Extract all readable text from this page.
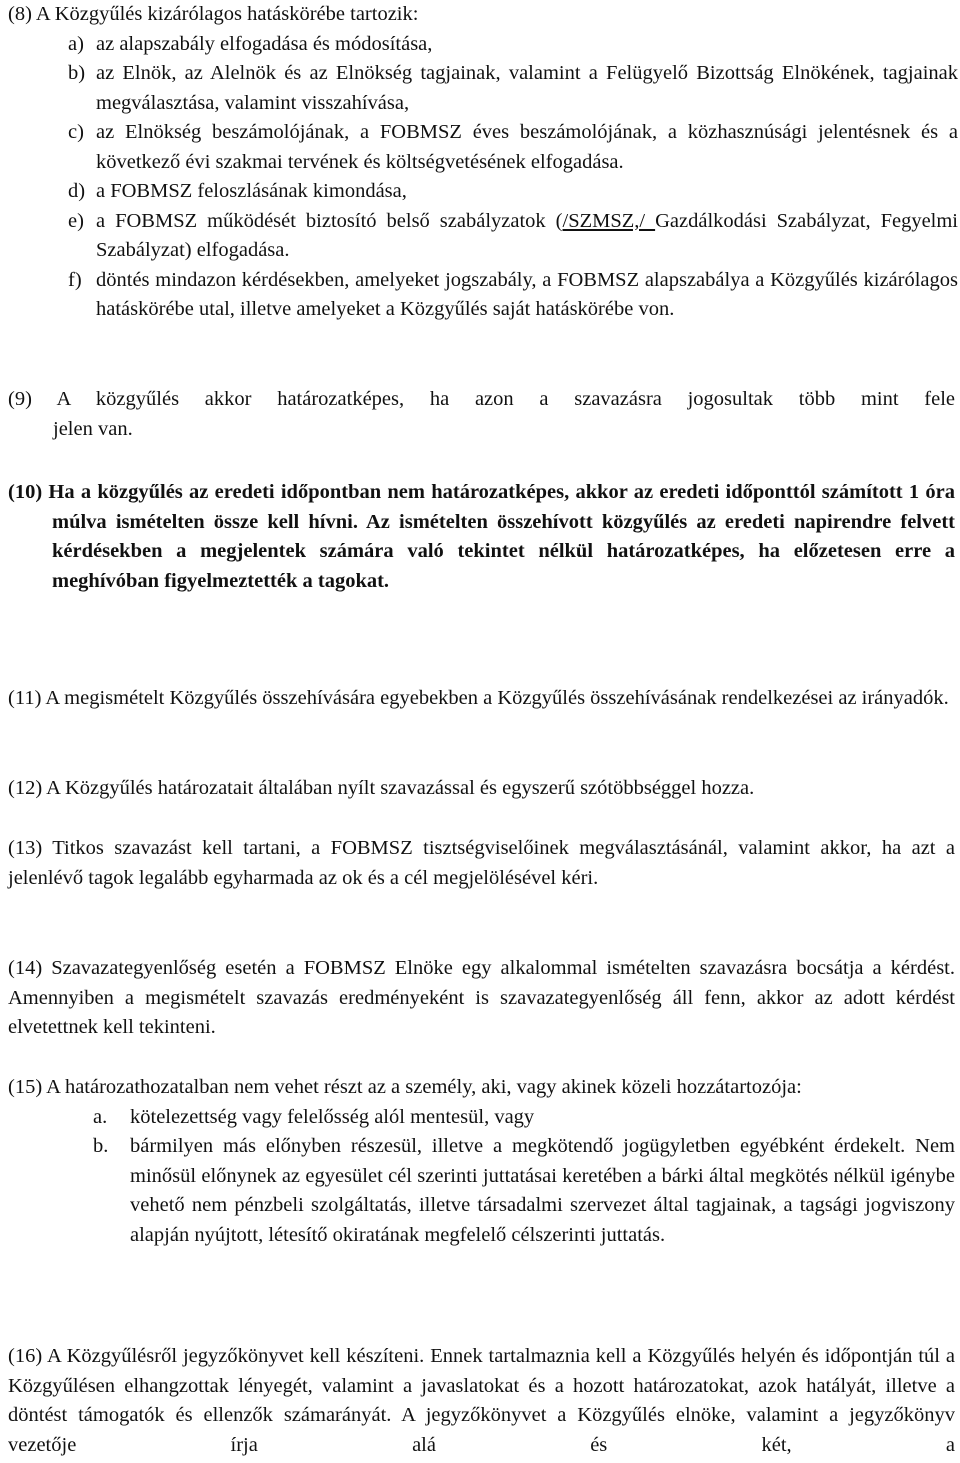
(8) A Közgyűlés kizárólagos hatáskörébe tartozik:
a) az alapszabály elfogadása és módosítása,
b) az Elnök, az Alelnök és az Elnökség tagjainak, valamint a Felügyelő Bizottság Elnökének, tagjainak megválasztása, valamint visszahívása,
c) az Elnökség beszámolójának, a FOBMSZ éves beszámolójának, a közhasznúsági jelentésnek és a következő évi szakmai tervének és költségvetésének elfogadása.
d) a FOBMSZ feloszlásának kimondása,
e) a FOBMSZ működését biztosító belső szabályzatok (/SZMSZ,/ Gazdálkodási Szabályzat, Fegyelmi Szabályzat) elfogadása.
f) döntés mindazon kérdésekben, amelyeket jogszabály, a FOBMSZ alapszabálya a Közgyűlés kizárólagos hatáskörébe utal, illetve amelyeket a Közgyűlés saját hatáskörébe von.
(9) A közgyűlés akkor határozatképes, ha azon a szavazásra jogosultak több mint fele
jelen van.
(10) Ha a közgyűlés az eredeti időpontban nem határozatképes, akkor az eredeti időponttól számított 1 óra múlva ismételten össze kell hívni. Az ismételten összehívott közgyűlés az eredeti napirendre felvett kérdésekben a megjelentek számára való tekintet nélkül határozatképes, ha előzetesen erre a meghívóban figyelmeztették a tagokat.
(11) A megismételt Közgyűlés összehívására egyebekben a Közgyűlés összehívásának rendelkezései az irányadók.
(12) A Közgyűlés határozatait általában nyílt szavazással és egyszerű szótöbbséggel hozza.
(13) Titkos szavazást kell tartani, a FOBMSZ tisztségviselőinek megválasztásánál, valamint akkor, ha azt a jelenlévő tagok legalább egyharmada az ok és a cél megjelölésével kéri.
(14) Szavazategyenlőség esetén a FOBMSZ Elnöke egy alkalommal ismételten szavazásra bocsátja a kérdést. Amennyiben a megismételt szavazás eredményeként is szavazategyenlőség áll fenn, akkor az adott kérdést elvetettnek kell tekinteni.
(15) A határozathozatalban nem vehet részt az a személy, aki, vagy akinek közeli hozzátartozója:
a. kötelezettség vagy felelősség alól mentesül, vagy
b. bármilyen más előnyben részesül, illetve a megkötendő jogügyletben egyébként érdekelt. Nem minősül előnynek az egyesület cél szerinti juttatásai keretében a bárki által megkötés nélkül igénybe vehető nem pénzbeli szolgáltatás, illetve társadalmi szervezet által tagjainak, a tagsági jogviszony alapján nyújtott, létesítő okiratának megfelelő célszerinti juttatás.
(16) A Közgyűlésről jegyzőkönyvet kell készíteni. Ennek tartalmaznia kell a Közgyűlés helyén és időpontján túl a Közgyűlésen elhangzottak lényegét, valamint a javaslatokat és a hozott határozatokat, azok hatályát, illetve a döntést támogatók és ellenzők számarányát. A jegyzőkönyvet a Közgyűlés elnöke, valamint a jegyzőkönyv vezetője írja alá és két, a
